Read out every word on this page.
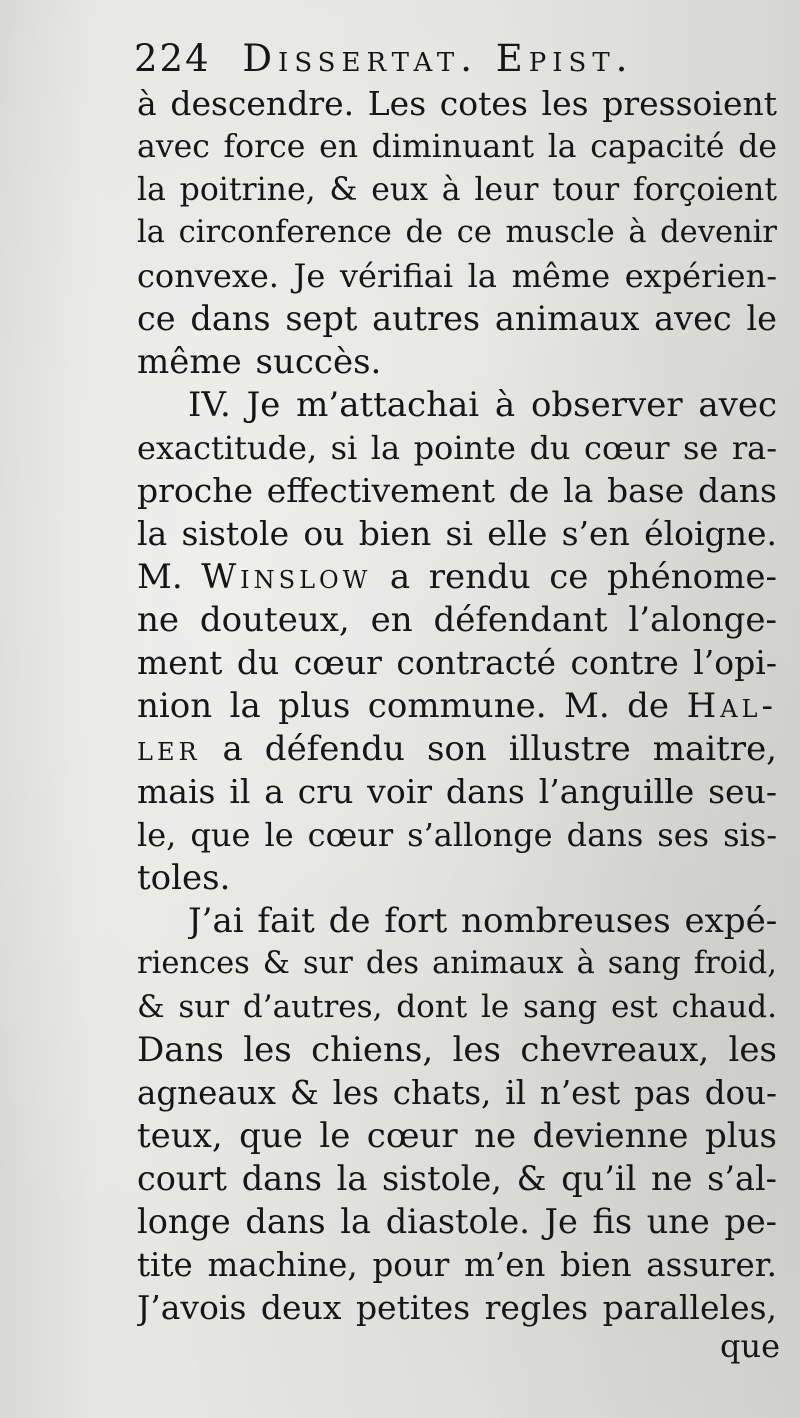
224 Dissertat. Epist.
à descendre. Les cotes les pressoient
avec force en diminuant la capacité de
la poitrine, & eux à leur tour forçoient
la circonference de ce muscle à devenir
convexe. Je vérifiai la même expérien-
ce dans sept autres animaux avec le
même succès.
IV. Je m’attachai à observer avec
exactitude, si la pointe du cœur se ra-
proche effectivement de la base dans
la sistole ou bien si elle s’en éloigne.
M. Winslow a rendu ce phénome-
ne douteux, en défendant l’alonge-
ment du cœur contracté contre l’opi-
nion la plus commune. M. de Hal-
ler a défendu son illustre maitre,
mais il a cru voir dans l’anguille seu-
le, que le cœur s’allonge dans ses sis-
toles.
J’ai fait de fort nombreuses expé-
riences & sur des animaux à sang froid,
& sur d’autres, dont le sang est chaud.
Dans les chiens, les chevreaux, les
agneaux & les chats, il n’est pas dou-
teux, que le cœur ne devienne plus
court dans la sistole, & qu’il ne s’al-
longe dans la diastole. Je fis une pe-
tite machine, pour m’en bien assurer.
J’avois deux petites regles paralleles,
que
